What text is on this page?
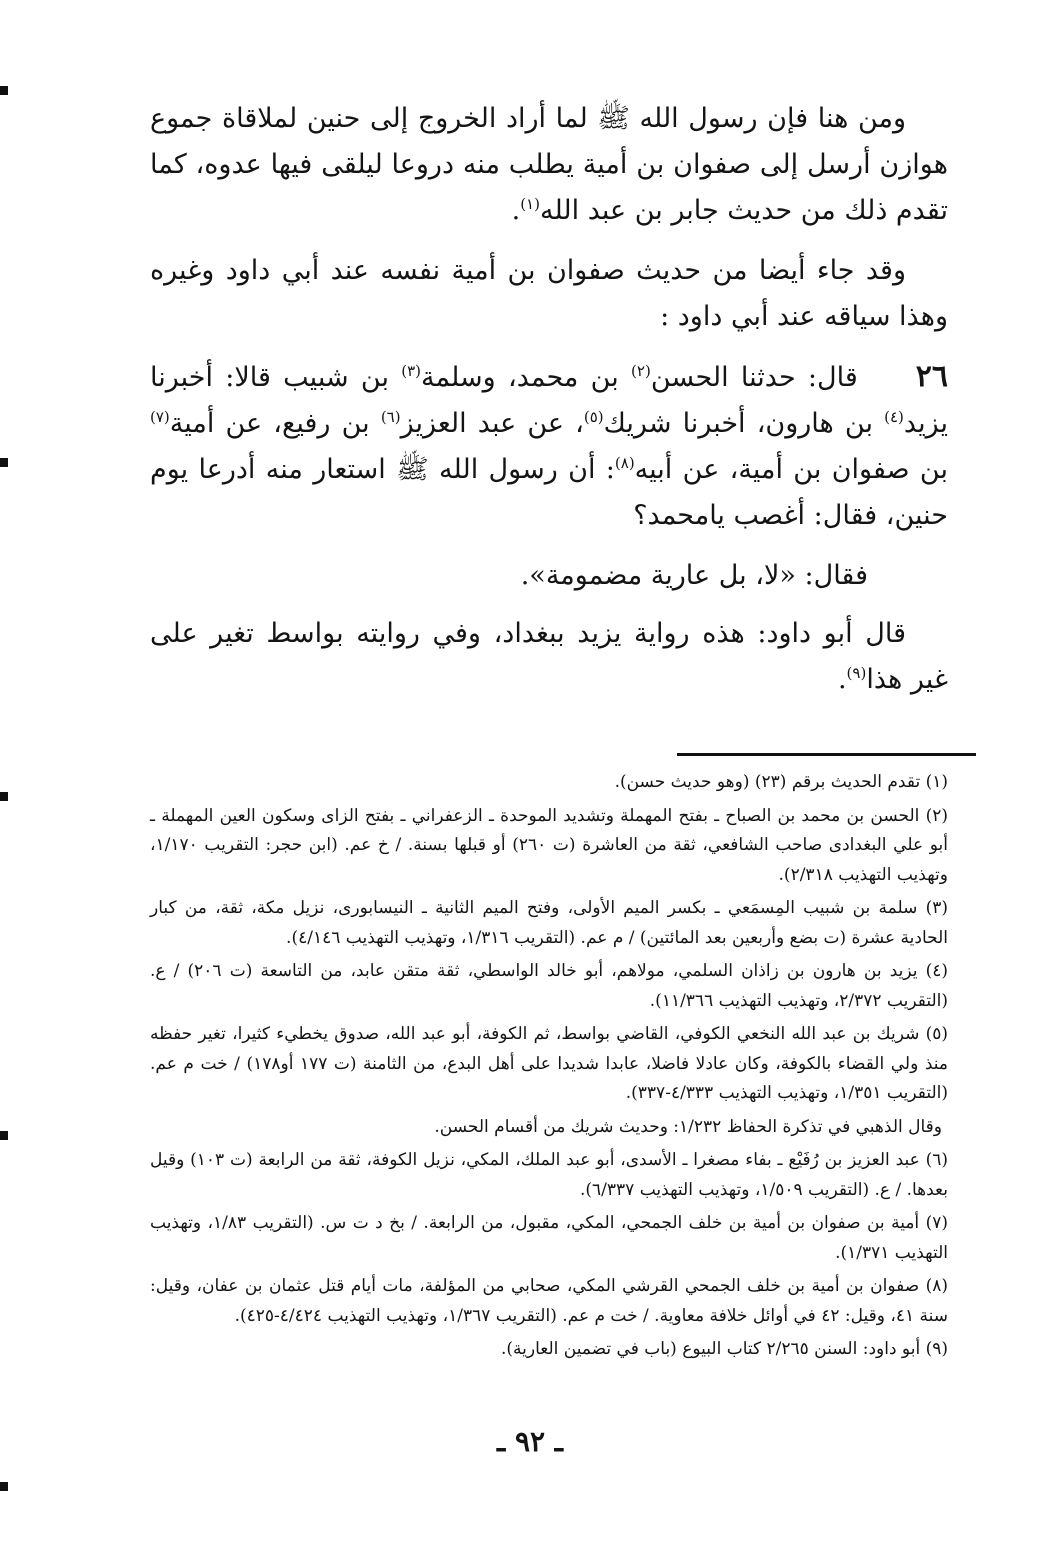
ومن هنا فإن رسول الله ﷺ لما أراد الخروج إلى حنين لملاقاة جموع هوازن أرسل إلى صفوان بن أمية يطلب منه دروعا ليلقى فيها عدوه، كما تقدم ذلك من حديث جابر بن عبد الله$^{(١)}$.

وقد جاء أيضا من حديث صفوان بن أمية نفسه عند أبي داود وغيره وهذا سياقه عند أبي داود :

٢٦قال: حدثنا الحسن$^{(٢)}$ بن محمد، وسلمة$^{(٣)}$ بن شبيب قالا: أخبرنا يزيد$^{(٤)}$ بن هارون، أخبرنا شريك$^{(٥)}$، عن عبد العزيز$^{(٦)}$ بن رفيع، عن أمية$^{(٧)}$ بن صفوان بن أمية، عن أبيه$^{(٨)}$: أن رسول الله ﷺ استعار منه أدرعا يوم حنين، فقال: أغصب يامحمد؟

فقال: «لا، بل عارية مضمومة».

قال أبو داود: هذه رواية يزيد ببغداد، وفي روايته بواسط تغير على غير هذا$^{(٩)}$.

(١) تقدم الحديث برقم (٢٣) (وهو حديث حسن).

(٢) الحسن بن محمد بن الصباح ـ بفتح المهملة وتشديد الموحدة ـ الزعفراني ـ بفتح الزاى وسكون العين المهملة ـ أبو علي البغدادى صاحب الشافعي، ثقة من العاشرة (ت ٢٦٠) أو قبلها بسنة. / خ عم. (ابن حجر: التقريب ١/١٧٠، وتهذيب التهذيب ٢/٣١٨).

(٣) سلمة بن شبيب المِسمَعي ـ بكسر الميم الأولى، وفتح الميم الثانية ـ النيسابورى، نزيل مكة، ثقة، من كبار الحادية عشرة (ت بضع وأربعين بعد المائتين) / م عم. (التقريب ١/٣١٦، وتهذيب التهذيب ٤/١٤٦).

(٤) يزيد بن هارون بن زاذان السلمي، مولاهم، أبو خالد الواسطي، ثقة متقن عابد، من التاسعة (ت ٢٠٦) / ع. (التقريب ٢/٣٧٢، وتهذيب التهذيب ١١/٣٦٦).

(٥) شريك بن عبد الله النخعي الكوفي، القاضي بواسط، ثم الكوفة، أبو عبد الله، صدوق يخطيء كثيرا، تغير حفظه منذ ولي القضاء بالكوفة، وكان عادلا فاضلا، عابدا شديدا على أهل البدع، من الثامنة (ت ١٧٧ أو١٧٨) / خت م عم. (التقريب ١/٣٥١، وتهذيب التهذيب ٤/٣٣٣-٣٣٧).

وقال الذهبي في تذكرة الحفاظ ١/٢٣٢: وحديث شريك من أقسام الحسن.

(٦) عبد العزيز بن رُفَيْع ـ بفاء مصغرا ـ الأسدى، أبو عبد الملك، المكي، نزيل الكوفة، ثقة من الرابعة (ت ١٠٣) وقيل بعدها. / ع. (التقريب ١/٥٠٩، وتهذيب التهذيب ٦/٣٣٧).

(٧) أمية بن صفوان بن أمية بن خلف الجمحي، المكي، مقبول، من الرابعة. / بخ د ت س. (التقريب ١/٨٣، وتهذيب التهذيب ١/٣٧١).

(٨) صفوان بن أمية بن خلف الجمحي القرشي المكي، صحابي من المؤلفة، مات أيام قتل عثمان بن عفان، وقيل: سنة ٤١، وقيل: ٤٢ في أوائل خلافة معاوية. / خت م عم. (التقريب ١/٣٦٧، وتهذيب التهذيب ٤/٤٢٤-٤٢٥).

(٩) أبو داود: السنن ٢/٢٦٥ كتاب البيوع (باب في تضمين العارية).

ـ ٩٢ ـ
